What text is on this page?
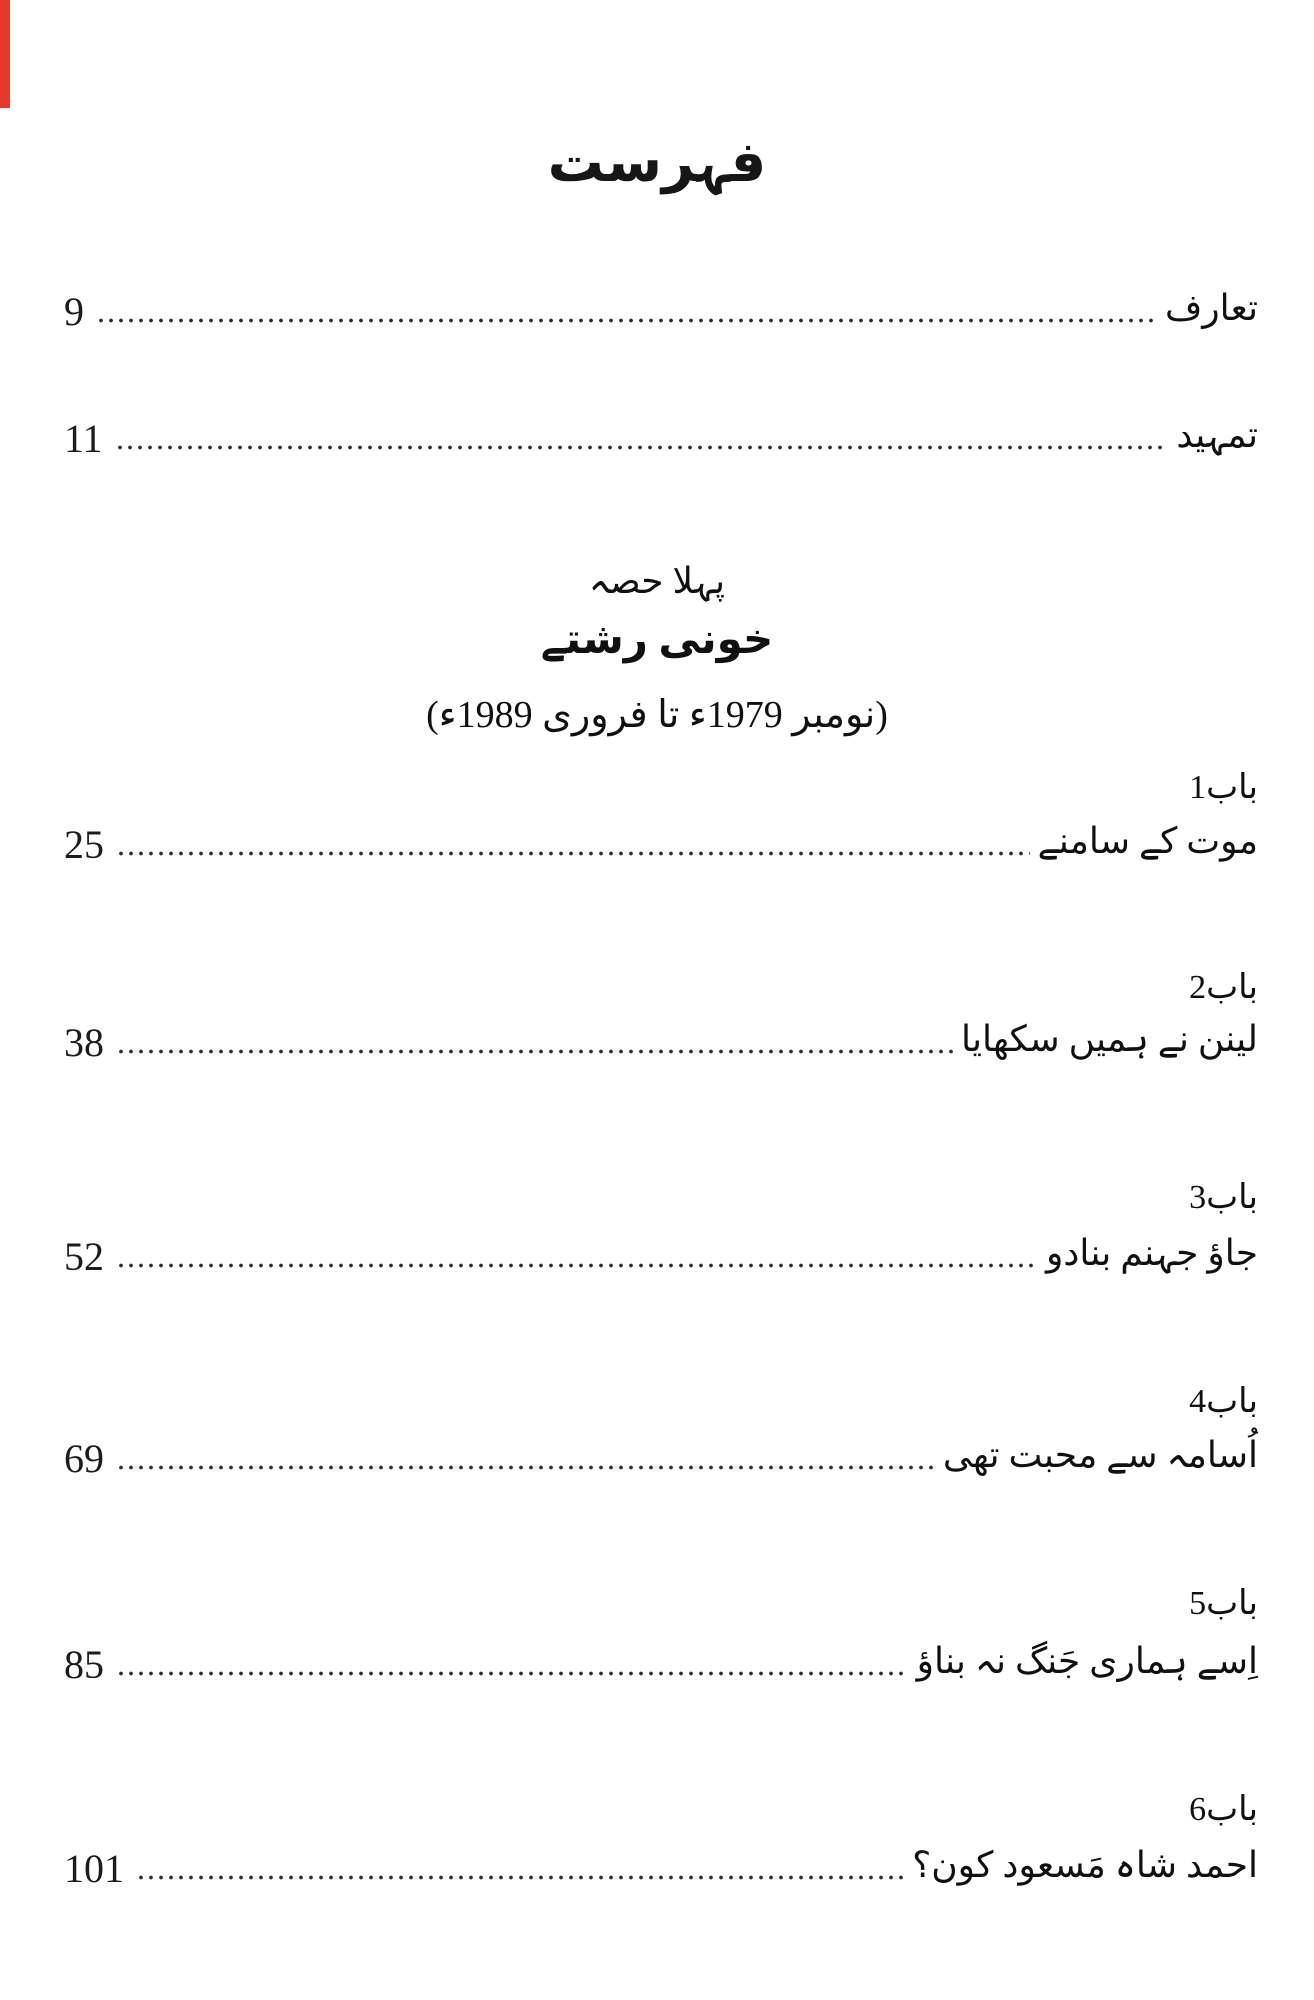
فہرست
9	تعارف
11	تمہید
پہلا حصہ
خونی رشتے
(نومبر 1979ء تا فروری 1989ء)
باب1
25	موت کے سامنے
باب2
38	لینن نے ہمیں سکھایا
باب3
52	جاؤ جہنم بنادو
باب4
69	اُسامہ سے محبت تھی
باب5
85	اِسے ہماری جَنگ نہ بناؤ
باب6
101	احمد شاہ مَسعود کون؟
